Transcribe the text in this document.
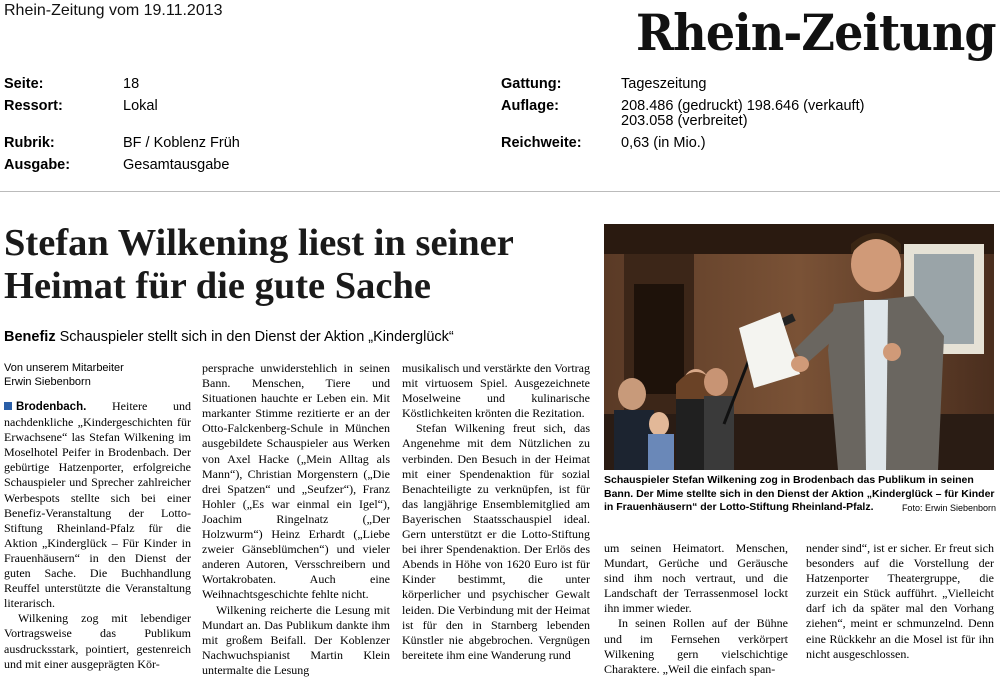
Rhein-Zeitung vom 19.11.2013	Rhein-Zeitung
Seite:	18
Ressort:	Lokal
Rubrik:	BF / Koblenz Früh
Ausgabe:	Gesamtausgabe
Gattung:	Tageszeitung
Auflage:	208.486 (gedruckt) 198.646 (verkauft)
203.058 (verbreitet)
Reichweite:	0,63 (in Mio.)
Stefan Wilkening liest in seiner Heimat für die gute Sache
Benefiz Schauspieler stellt sich in den Dienst der Aktion „Kinderglück“
Von unserem Mitarbeiter
Erwin Siebenborn

Brodenbach. Heitere und nachdenkliche „Kindergeschichten für Erwachsene“ las Stefan Wilkening im Moselhotel Peifer in Brodenbach. Der gebürtige Hatzenporter, erfolgreiche Schauspieler und Sprecher zahlreicher Werbespots stellte sich bei einer Benefiz-Veranstaltung der Lotto-Stiftung Rheinland-Pfalz für die Aktion „Kinderglück – Für Kinder in Frauenhäusern“ in den Dienst der guten Sache. Die Buchhandlung Reuffel unterstützte die Veranstaltung literarisch.

Wilkening zog mit lebendiger Vortragsweise das Publikum ausdrucksstark, pointiert, gestenreich und mit einer ausgeprägten Kör-

persprache unwiderstehlich in seinen Bann. Menschen, Tiere und Situationen hauchte er Leben ein. Mit markanter Stimme rezitierte er an der Otto-Falckenberg-Schule in München ausgebildete Schauspieler aus Werken von Axel Hacke („Mein Alltag als Mann“), Christian Morgenstern („Die drei Spatzen“ und „Seufzer“), Franz Hohler („Es war einmal ein Igel“), Joachim Ringelnatz („Der Holzwurm“) Heinz Erhardt („Liebe zweier Gänseblümchen“) und vieler anderen Autoren, Versschreibern und Wortakrobaten. Auch eine Weihnachtsgeschichte fehlte nicht.

Wilkening reicherte die Lesung mit Mundart an. Das Publikum dankte ihm mit großem Beifall. Der Koblenzer Nachwuchspianist Martin Klein untermalte die Lesung

musikalisch und verstärkte den Vortrag mit virtuosem Spiel. Ausgezeichnete Moselweine und kulinarische Köstlichkeiten krönten die Rezitation.

Stefan Wilkening freut sich, das Angenehme mit dem Nützlichen zu verbinden. Den Besuch in der Heimat mit einer Spendenaktion für sozial Benachteiligte zu verknüpfen, ist für das langjährige Ensemblemitglied am Bayerischen Staatsschauspiel ideal. Gern unterstützt er die Lotto-Stiftung bei ihrer Spendenaktion. Der Erlös des Abends in Höhe von 1620 Euro ist für Kinder bestimmt, die unter körperlicher und psychischer Gewalt leiden. Die Verbindung mit der Heimat ist für den in Starnberg lebenden Künstler nie abgebrochen. Vergnügen bereitete ihm eine Wanderung rund

um seinen Heimatort. Menschen, Mundart, Gerüche und Geräusche sind ihm noch vertraut, und die Landschaft der Terrassenmosel lockt ihn immer wieder.

In seinen Rollen auf der Bühne und im Fernsehen verkörpert Wilkening gern vielschichtige Charaktere. „Weil die einfach span-

nender sind“, ist er sicher. Er freut sich besonders auf die Vorstellung der Hatzenporter Theatergruppe, die zurzeit ein Stück aufführt. „Vielleicht darf ich da später mal den Vorhang ziehen“, meint er schmunzelnd. Denn eine Rückkehr an die Mosel ist für ihn nicht ausgeschlossen.

Schauspieler Stefan Wilkening zog in Brodenbach das Publikum in seinen Bann. Der Mime stellte sich in den Dienst der Aktion „Kinderglück – für Kinder in Frauenhäusern“ der Lotto-Stiftung Rheinland-Pfalz.	Foto: Erwin Siebenborn
